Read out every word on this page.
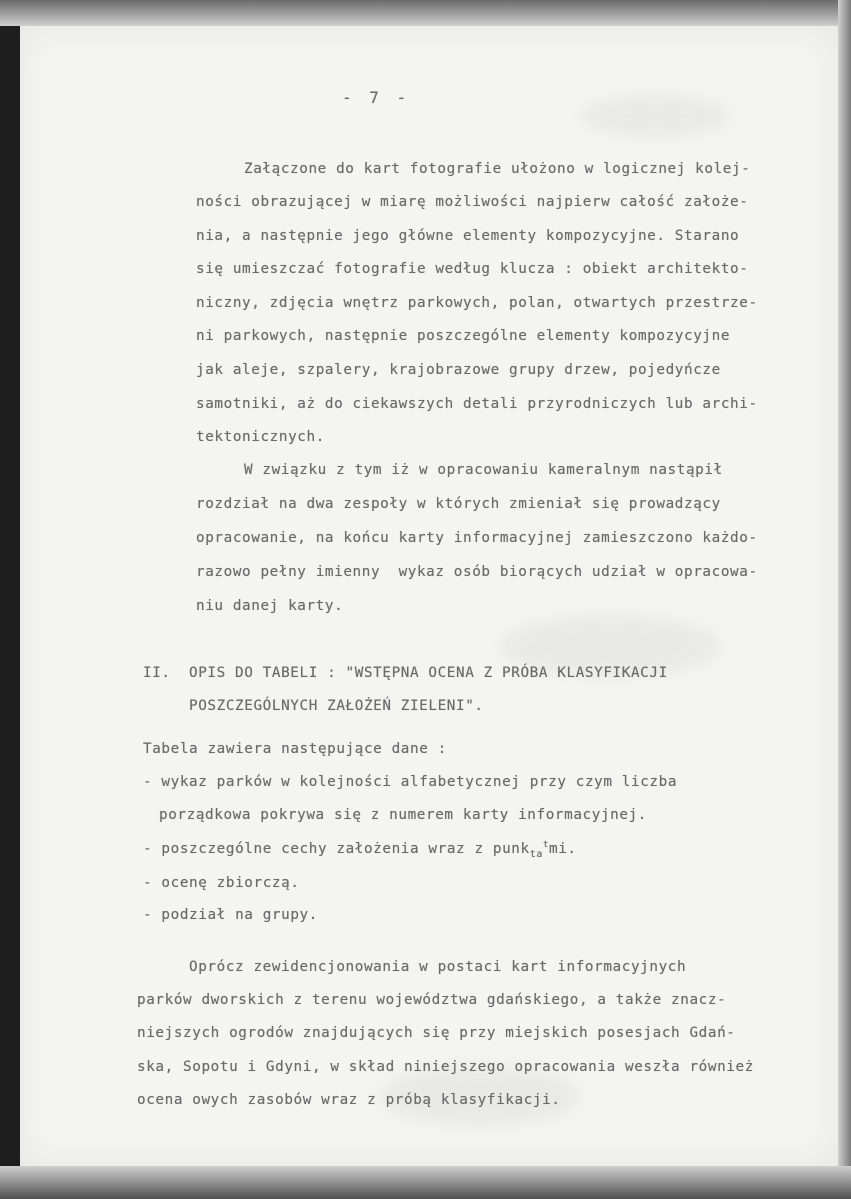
- 7 -
Załączone do kart fotografie ułożono w logicznej kolej-
ności obrazującej w miarę możliwości najpierw całość założe-
nia, a następnie jego główne elementy kompozycyjne. Starano
się umieszczać fotografie według klucza : obiekt architekto-
niczny, zdjęcia wnętrz parkowych, polan, otwartych przestrze-
ni parkowych, następnie poszczególne elementy kompozycyjne
jak aleje, szpalery, krajobrazowe grupy drzew, pojedyńcze
samotniki, aż do ciekawszych detali przyrodniczych lub archi-
tektonicznych.
W związku z tym iż w opracowaniu kameralnym nastąpił
rozdział na dwa zespoły w których zmieniał się prowadzący
opracowanie, na końcu karty informacyjnej zamieszczono każdo-
razowo pełny imienny  wykaz osób biorących udział w opracowa-
niu danej karty.
II. OPIS DO TABELI : "WSTĘPNA OCENA Z PRÓBA KLASYFIKACJI
POSZCZEGÓLNYCH ZAŁOŻEŃ ZIELENI".
Tabela zawiera następujące dane :
- wykaz parków w kolejności alfabetycznej przy czym liczba
porządkowa pokrywa się z numerem karty informacyjnej.
- poszczególne cechy założenia wraz z punk$_{ta}^t$mi.
- ocenę zbiorczą.
- podział na grupy.
Oprócz zewidencjonowania w postaci kart informacyjnych
parków dworskich z terenu województwa gdańskiego, a także znacz-
niejszych ogrodów znajdujących się przy miejskich posesjach Gdań-
ska, Sopotu i Gdyni, w skład niniejszego opracowania weszła również
ocena owych zasobów wraz z próbą klasyfikacji.
